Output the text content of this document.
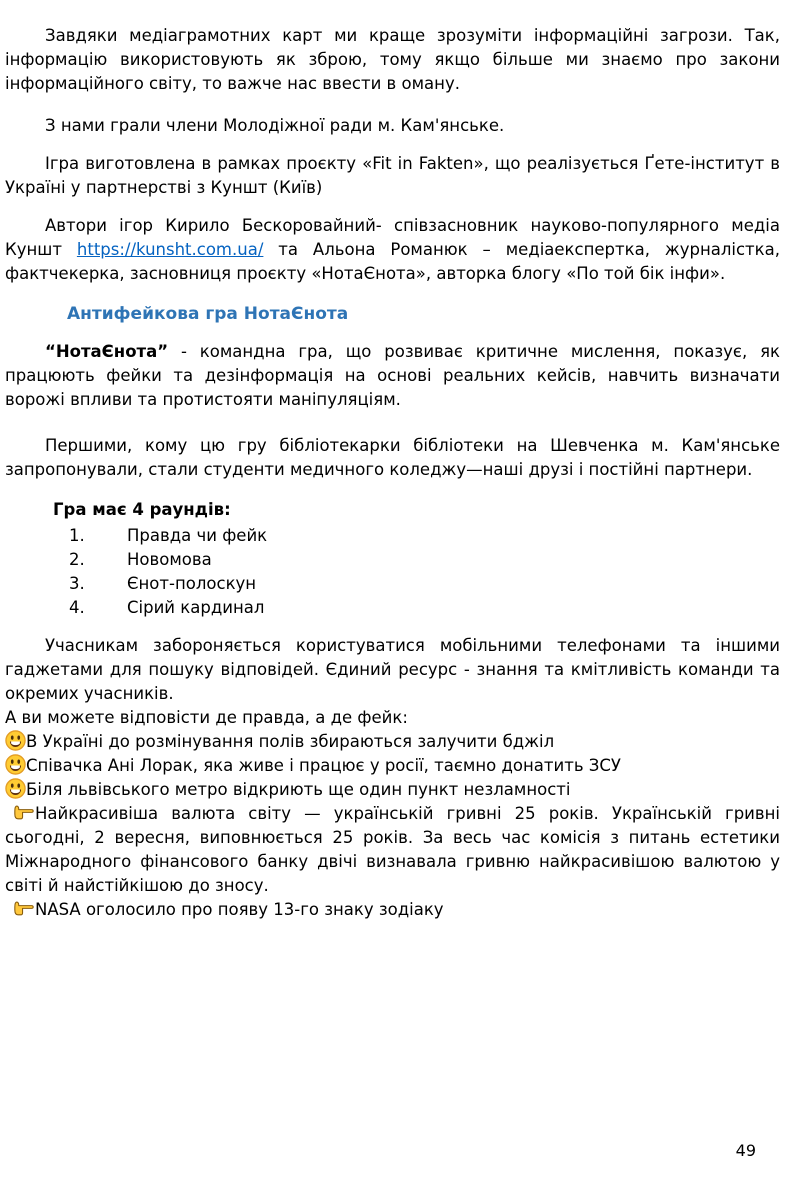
Завдяки медіаграмотних карт ми краще зрозуміти інформаційні загрози. Так, інформацію використовують як зброю, тому якщо більше ми знаємо про закони інформаційного світу, то важче нас ввести в оману.

З нами грали члени Молодіжної ради м. Кам'янське.

Ігра виготовлена в рамках проєкту «Fit in Fakten», що реалізується Ґете-інститут в Україні у партнерстві з Куншт (Київ)

Автори ігор Кирило Бескоровайний- співзасновник науково-популярного медіа Куншт https://kunsht.com.ua/ та Альона Романюк – медіаекспертка, журналістка, фактчекерка, засновниця проєкту «НотаЄнота», авторка блогу «По той бік інфи».

Антифейкова гра НотаЄнота

“НотаЄнота” - командна гра, що розвиває критичне мислення, показує, як працюють фейки та дезінформація на основі реальних кейсів, навчить визначати ворожі впливи та протистояти маніпуляціям.

Першими, кому цю гру бібліотекарки бібліотеки на Шевченка м. Кам'янське запропонували, стали студенти медичного коледжу—наші друзі і постійні партнери.

Гра має 4 раундів:

1.	Правда чи фейк
2.	Новомова
3.	Єнот-полоскун
4.	Сірий кардинал

Учасникам забороняється користуватися мобільними телефонами та іншими гаджетами для пошуку відповідей. Єдиний ресурс - знання та кмітливість команди та окремих учасників.

А ви можете відповісти де правда, а де фейк:

В Україні до розмінування полів збираються залучити бджіл

Співачка Ані Лорак, яка живе і працює у росії, таємно донатить ЗСУ

Біля львівського метро відкриють ще один пункт незламності

Найкрасивіша валюта світу — українській гривні 25 років. Українській гривні сьогодні, 2 вересня, виповнюється 25 років. За весь час комісія з питань естетики Міжнародного фінансового банку двічі визнавала гривню найкрасивішою валютою у світі й найстійкішою до зносу.

NASA оголосило про появу 13-го знаку зодіаку

49
